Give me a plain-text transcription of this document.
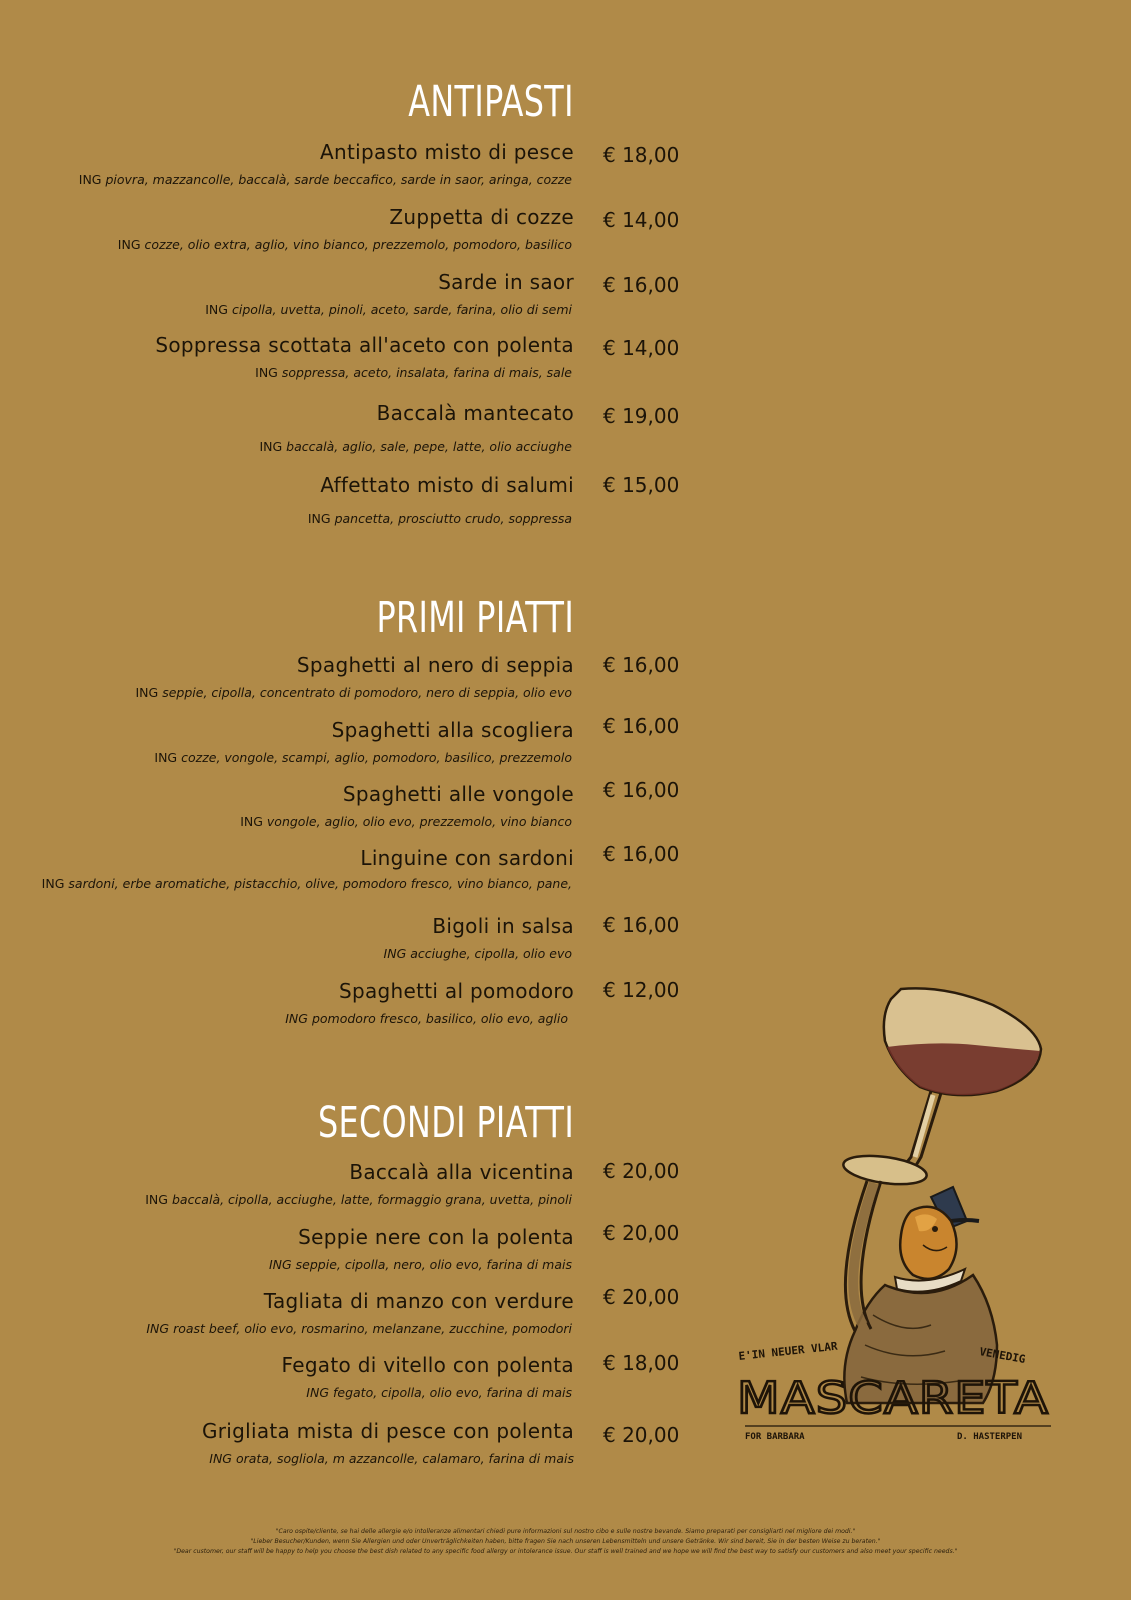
ANTIPASTI
Antipasto misto di pesce € 18,00
ING piovra, mazzancolle, baccalà, sarde beccafico, sarde in saor, aringa, cozze
Zuppetta di cozze € 14,00
ING cozze, olio extra, aglio, vino bianco, prezzemolo, pomodoro, basilico
Sarde in saor € 16,00
ING cipolla, uvetta, pinoli, aceto, sarde, farina, olio di semi
Soppressa scottata all'aceto con polenta € 14,00
ING soppressa, aceto, insalata, farina di mais, sale
Baccalà mantecato € 19,00
ING baccalà, aglio, sale, pepe, latte, olio acciughe
Affettato misto di salumi € 15,00
ING pancetta, prosciutto crudo, soppressa
PRIMI PIATTI
Spaghetti al nero di seppia € 16,00
ING seppie, cipolla, concentrato di pomodoro, nero di seppia, olio evo
Spaghetti alla scogliera € 16,00
ING cozze, vongole, scampi, aglio, pomodoro, basilico, prezzemolo
Spaghetti alle vongole € 16,00
ING vongole, aglio, olio evo, prezzemolo, vino bianco
Linguine con sardoni € 16,00
ING sardoni, erbe aromatiche, pistacchio, olive, pomodoro fresco, vino bianco, pane,
Bigoli in salsa € 16,00
ING acciughe, cipolla, olio evo
Spaghetti al pomodoro € 12,00
ING pomodoro fresco, basilico, olio evo, aglio
SECONDI PIATTI
Baccalà alla vicentina € 20,00
ING baccalà, cipolla, acciughe, latte, formaggio grana, uvetta, pinoli
Seppie nere con la polenta € 20,00
ING seppie, cipolla, nero, olio evo, farina di mais
Tagliata di manzo con verdure € 20,00
ING roast beef, olio evo, rosmarino, melanzane, zucchine, pomodori
Fegato di vitello con polenta € 18,00
ING fegato, cipolla, olio evo, farina di mais
Grigliata mista di pesce con polenta € 20,00
ING orata, sogliola, m azzancolle, calamaro, farina di mais
E'IN NEUER VLAR	VENEDIG
MASCARETA
FOR BARBARA	D. HASTERPEN
"Caro ospite/cliente, se hai delle allergie e/o intolleranze alimentari chiedi pure informazioni sul nostro cibo e sulle nostre bevande. Siamo preparati per consigliarti nel migliore dei modi."
"Lieber Besucher/Kunden, wenn Sie Allergien und oder Unverträglichkeiten haben, bitte fragen Sie nach unseren Lebensmitteln und unsere Getränke. Wir sind bereit, Sie in der besten Weise zu beraten."
"Dear customer, our staff will be happy to help you choose the best dish related to any specific food allergy or intolerance issue. Our staff is well trained and we hope we will find the best way to satisfy our customers and also meet your specific needs."
